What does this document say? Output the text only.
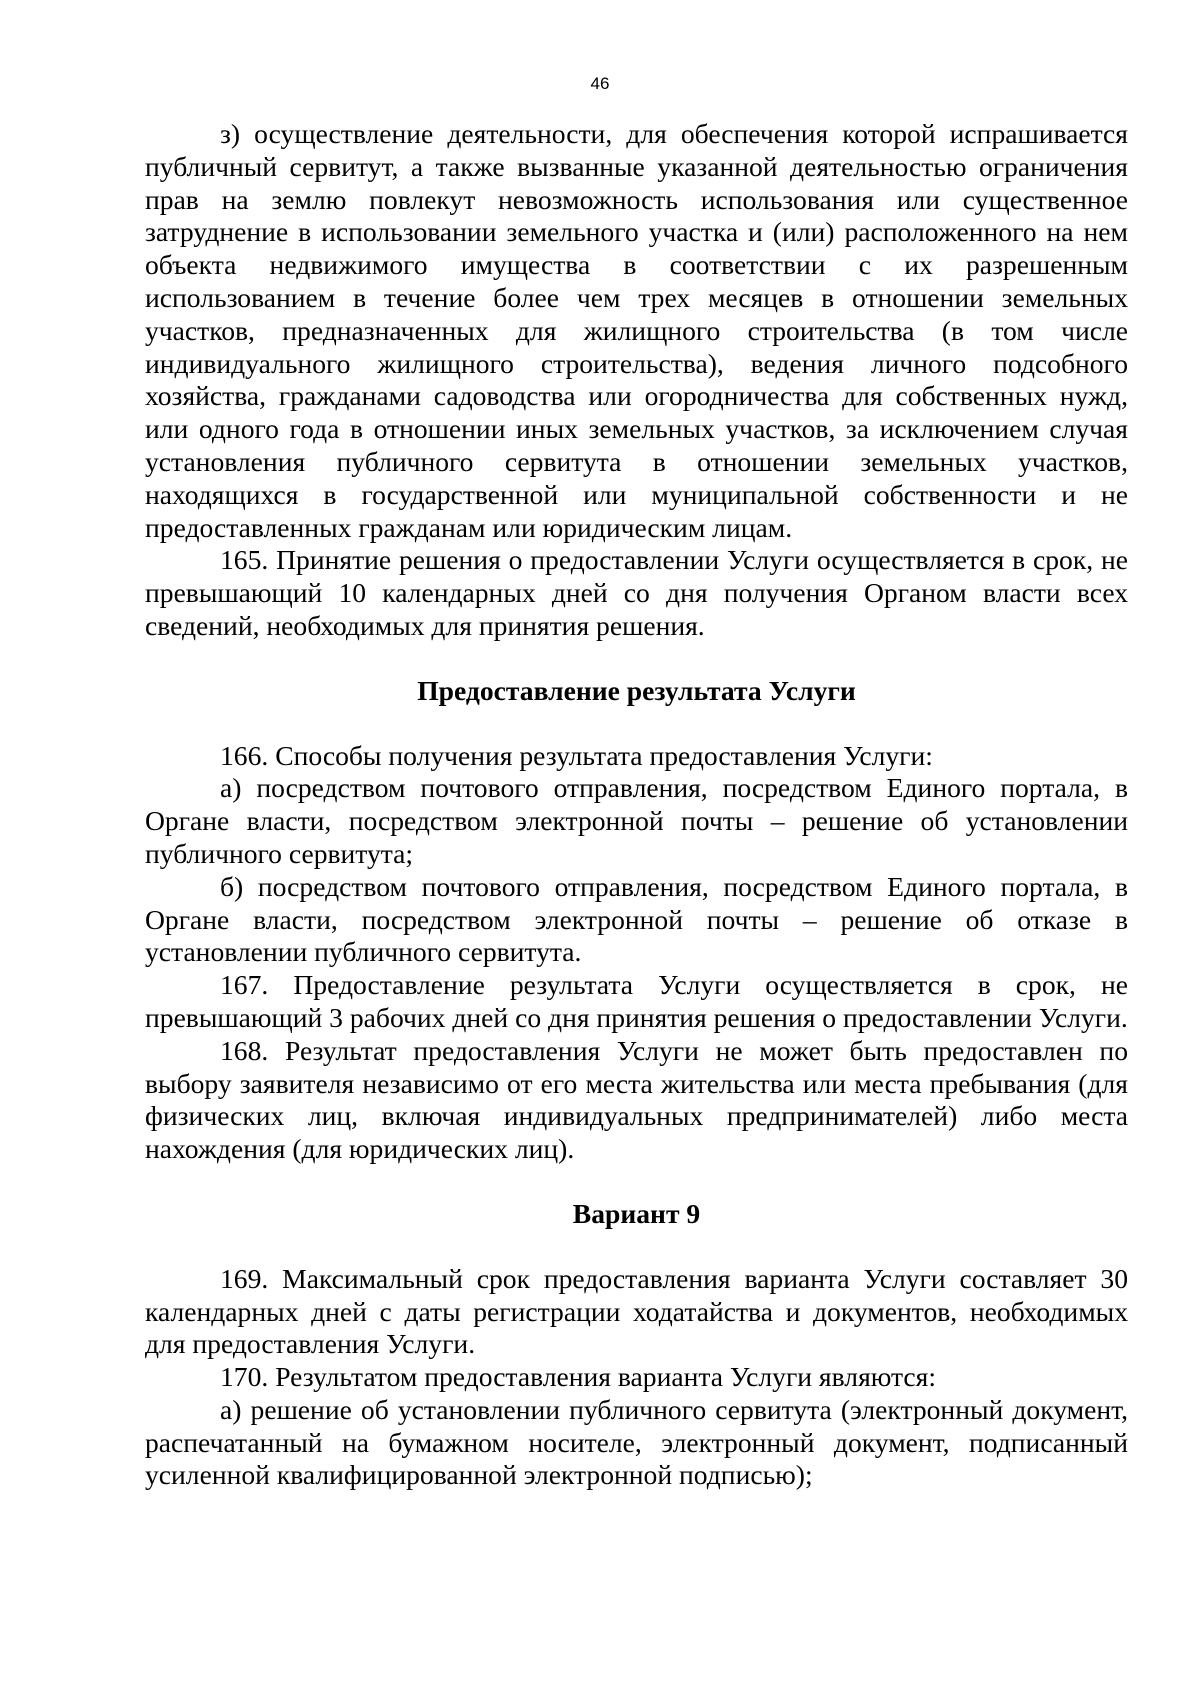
46

з) осуществление деятельности, для обеспечения которой испрашивается публичный сервитут, а также вызванные указанной деятельностью ограничения прав на землю повлекут невозможность использования или существенное затруднение в использовании земельного участка и (или) расположенного на нем объекта недвижимого имущества в соответствии с их разрешенным использованием в течение более чем трех месяцев в отношении земельных участков, предназначенных для жилищного строительства (в том числе индивидуального жилищного строительства), ведения личного подсобного хозяйства, гражданами садоводства или огородничества для собственных нужд, или одного года в отношении иных земельных участков, за исключением случая установления публичного сервитута в отношении земельных участков, находящихся в государственной или муниципальной собственности и не предоставленных гражданам или юридическим лицам.

165. Принятие решения о предоставлении Услуги осуществляется в срок, не превышающий 10 календарных дней со дня получения Органом власти всех сведений, необходимых для принятия решения.

Предоставление результата Услуги

166. Способы получения результата предоставления Услуги:

а) посредством почтового отправления, посредством Единого портала, в Органе власти, посредством электронной почты – решение об установлении публичного сервитута;

б) посредством почтового отправления, посредством Единого портала, в Органе власти, посредством электронной почты – решение об отказе в установлении публичного сервитута.

167. Предоставление результата Услуги осуществляется в срок, не превышающий 3 рабочих дней со дня принятия решения о предоставлении Услуги.

168. Результат предоставления Услуги не может быть предоставлен по выбору заявителя независимо от его места жительства или места пребывания (для физических лиц, включая индивидуальных предпринимателей) либо места нахождения (для юридических лиц).

Вариант 9

169. Максимальный срок предоставления варианта Услуги составляет 30 календарных дней с даты регистрации ходатайства и документов, необходимых для предоставления Услуги.

170. Результатом предоставления варианта Услуги являются:

а) решение об установлении публичного сервитута (электронный документ, распечатанный на бумажном носителе, электронный документ, подписанный усиленной квалифицированной электронной подписью);
